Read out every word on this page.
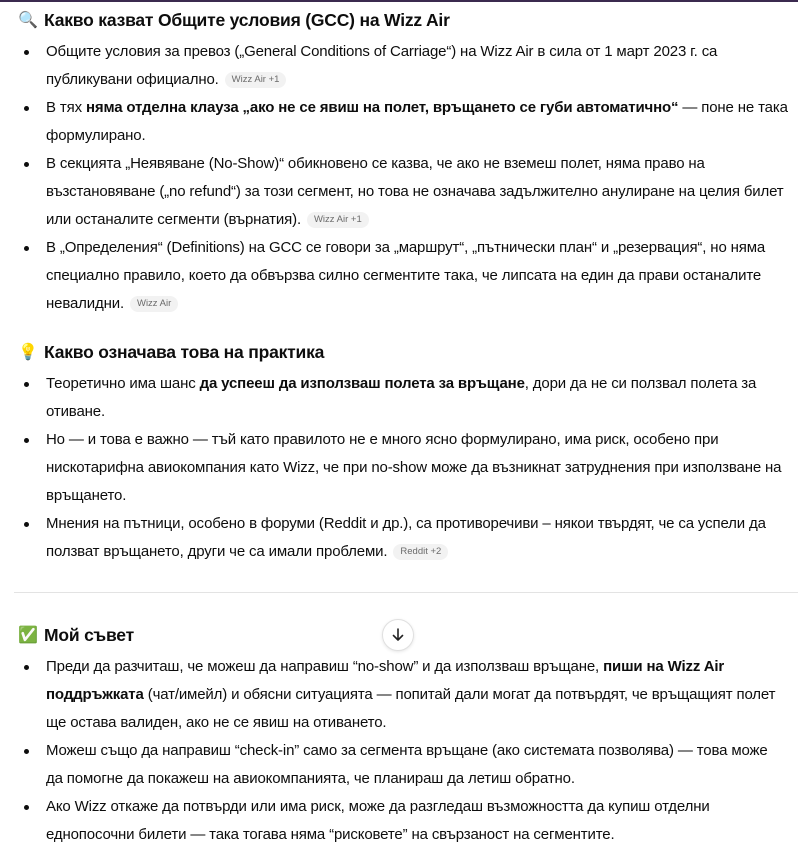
🔍 Какво казват Общите условия (GCC) на Wizz Air
Общите условия за превоз („General Conditions of Carriage“) на Wizz Air в сила от 1 март 2023 г. са публикувани официално. Wizz Air +1
В тях няма отделна клауза „ако не се явиш на полет, връщането се губи автоматично“ — поне не така формулирано.
В секцията „Неявяване (No-Show)“ обикновено се казва, че ако не вземеш полет, няма право на възстановяване („no refund“) за този сегмент, но това не означава задължително анулиране на целия билет или останалите сегменти (върнатия). Wizz Air +1
В „Определения“ (Definitions) на GCC се говори за „маршрут“, „пътнически план“ и „резервация“, но няма специално правило, което да обвързва силно сегментите така, че липсата на един да прави останалите невалидни. Wizz Air
💡 Какво означава това на практика
Теоретично има шанс да успееш да използваш полета за връщане, дори да не си ползвал полета за отиване.
Но — и това е важно — тъй като правилото не е много ясно формулирано, има риск, особено при нискотарифна авиокомпания като Wizz, че при no-show може да възникнат затруднения при използване на връщането.
Мнения на пътници, особено в форуми (Reddit и др.), са противоречиви – някои твърдят, че са успели да ползват връщането, други че са имали проблеми. Reddit +2
✅ Мой съвет
Преди да разчиташ, че можеш да направиш “no-show” и да използваш връщане, пиши на Wizz Air поддръжката (чат/имейл) и обясни ситуацията — попитай дали могат да потвърдят, че връщащият полет ще остава валиден, ако не се явиш на отиването.
Можеш също да направиш “check-in” само за сегмента връщане (ако системата позволява) — това може да помогне да покажеш на авиокомпанията, че планираш да летиш обратно.
Ако Wizz откаже да потвърди или има риск, може да разгледаш възможността да купиш отделни еднопосочни билети — така тогава няма “рисковете” на свързаност на сегментите.
